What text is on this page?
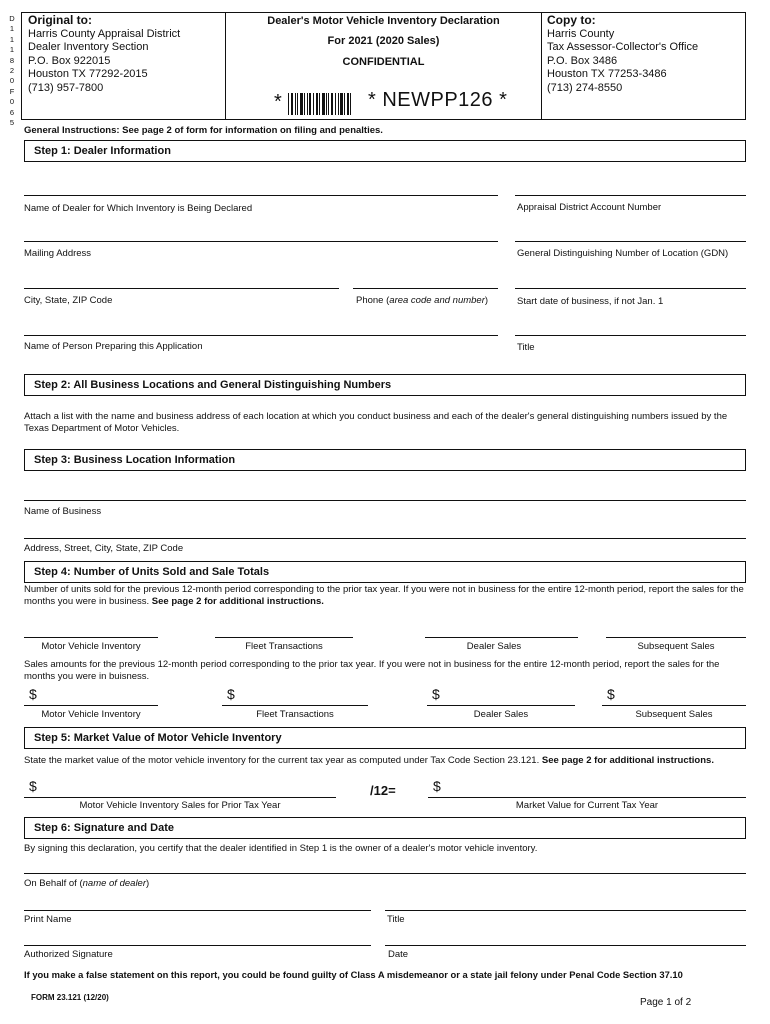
D
1
1
1
8
2
0
F
0
6
5
Original to:
Harris County Appraisal District
Dealer Inventory Section
P.O. Box 922015
Houston TX 77292-2015
(713) 957-7800
Dealer's Motor Vehicle Inventory Declaration
For 2021 (2020 Sales)
CONFIDENTIAL
*	* NEWPP126 *
Copy to:
Harris County
Tax Assessor-Collector's Office
P.O. Box 3486
Houston TX 77253-3486
(713) 274-8550
General Instructions: See page 2 of form for information on filing and penalties.
Step 1: Dealer Information
Name of Dealer for Which Inventory is Being Declared	Appraisal District Account Number
Mailing Address	General Distinguishing Number of Location (GDN)
City, State, ZIP Code	Phone (area code and number)	Start date of business, if not Jan. 1
Name of Person Preparing this Application	Title
Step 2: All Business Locations and General Distinguishing Numbers
Attach a list with the name and business address of each location at which you conduct business and each of the dealer's general distinguishing numbers issued by the Texas Department of Motor Vehicles.
Step 3: Business Location Information
Name of Business
Address, Street, City, State, ZIP Code
Step 4: Number of Units Sold and Sale Totals
Number of units sold for the previous 12-month period corresponding to the prior tax year. If you were not in business for the entire 12-month period, report the sales for the months you were in business. See page 2 for additional instructions.
Motor Vehicle Inventory	Fleet Transactions	Dealer Sales	Subsequent Sales
Sales amounts for the previous 12-month period corresponding to the prior tax year. If you were not in business for the entire 12-month period, report the sales for the months you were in buisness.
$
Motor Vehicle Inventory
$
Fleet Transactions
$
Dealer Sales
$
Subsequent Sales
Step 5: Market Value of Motor Vehicle Inventory
State the market value of the motor vehicle inventory for the current tax year as computed under Tax Code Section 23.121. See page 2 for additional instructions.
$
Motor Vehicle Inventory Sales for Prior Tax Year
/12=	$
Market Value for Current Tax Year
Step 6: Signature and Date
By signing this declaration, you certify that the dealer identified in Step 1 is the owner of a dealer's motor vehicle inventory.
On Behalf of (name of dealer)
Print Name	Title
Authorized Signature	Date
If you make a false statement on this report, you could be found guilty of Class A misdemeanor or a state jail felony under Penal Code Section 37.10
FORM 23.121 (12/20)	Page 1 of 2
